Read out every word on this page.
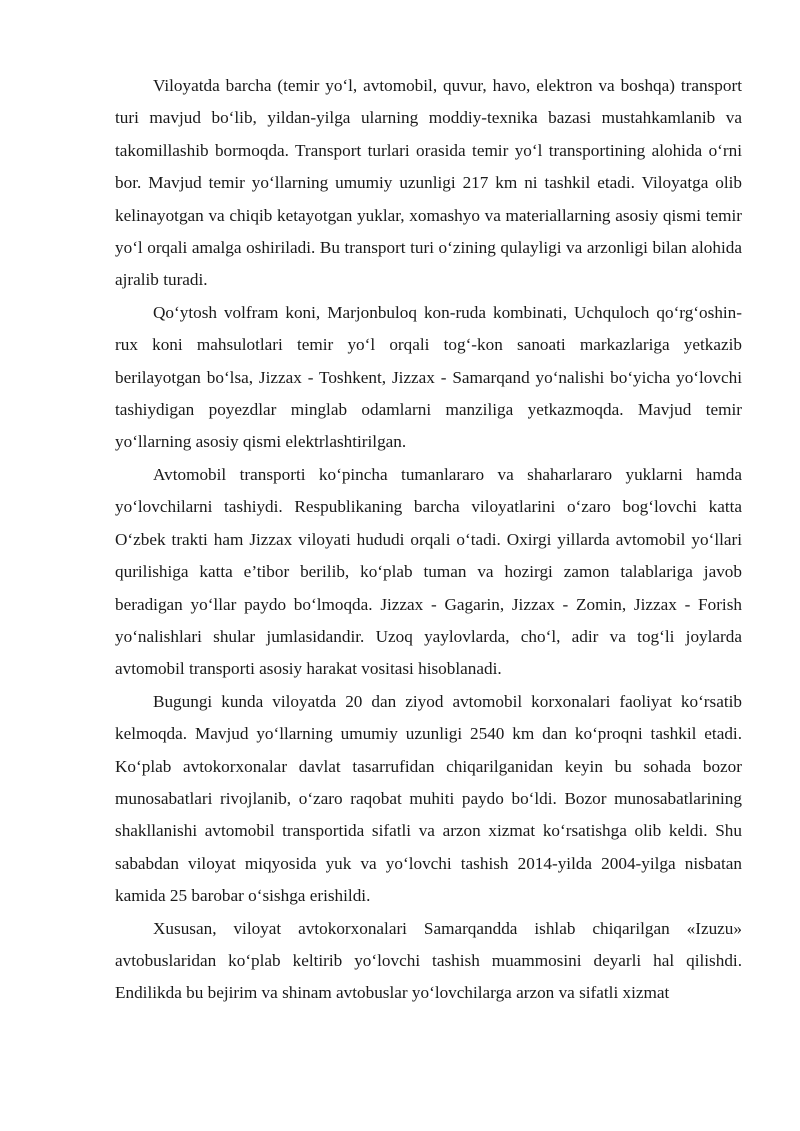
Viloyatda barcha (temir yo‘l, avtomobil, quvur, havo, elektron va boshqa) transport turi mavjud bo‘lib, yildan-yilga ularning moddiy-texnika bazasi mustahkamlanib va takomillashib bormoqda. Transport turlari orasida temir yo‘l transportining alohida o‘rni bor. Mavjud temir yo‘llarning umumiy uzunligi 217 km ni tashkil etadi. Viloyatga olib kelinayotgan va chiqib ketayotgan yuklar, xomashyo va materiallarning asosiy qismi temir yo‘l orqali amalga oshiriladi. Bu transport turi o‘zining qulayligi va arzonligi bilan alohida ajralib turadi.

Qo‘ytosh volfram koni, Marjonbuloq kon-ruda kombinati, Uchquloch qo‘rg‘oshin-rux koni mahsulotlari temir yo‘l orqali tog‘-kon sanoati markazlariga yetkazib berilayotgan bo‘lsa, Jizzax - Toshkent, Jizzax - Samarqand yo‘nalishi bo‘yicha yo‘lovchi tashiydigan poyezdlar minglab odamlarni manziliga yetkazmoqda. Mavjud temir yo‘llarning asosiy qismi elektrlashtirilgan.

Avtomobil transporti ko‘pincha tumanlararo va shaharlararo yuklarni hamda yo‘lovchilarni tashiydi. Respublikaning barcha viloyatlarini o‘zaro bog‘lovchi katta O‘zbek trakti ham Jizzax viloyati hududi orqali o‘tadi. Oxirgi yillarda avtomobil yo‘llari qurilishiga katta e’tibor berilib, ko‘plab tuman va hozirgi zamon talablariga javob beradigan yo‘llar paydo bo‘lmoqda. Jizzax - Gagarin, Jizzax - Zomin, Jizzax - Forish yo‘nalishlari shular jumlasidandir. Uzoq yaylovlarda, cho‘l, adir va tog‘li joylarda avtomobil transporti asosiy harakat vositasi hisoblanadi.

Bugungi kunda viloyatda 20 dan ziyod avtomobil korxonalari faoliyat ko‘rsatib kelmoqda. Mavjud yo‘llarning umumiy uzunligi 2540 km dan ko‘proqni tashkil etadi. Ko‘plab avtokorxonalar davlat tasarrufidan chiqarilganidan keyin bu sohada bozor munosabatlari rivojlanib, o‘zaro raqobat muhiti paydo bo‘ldi. Bozor munosabatlarining shakllanishi avtomobil transportida sifatli va arzon xizmat ko‘rsatishga olib keldi. Shu sababdan viloyat miqyosida yuk va yo‘lovchi tashish 2014-yilda 2004-yilga nisbatan kamida 25 barobar o‘sishga erishildi.

Xususan, viloyat avtokorxonalari Samarqandda ishlab chiqarilgan «Izuzu» avtobuslaridan ko‘plab keltirib yo‘lovchi tashish muammosini deyarli hal qilishdi. Endilikda bu bejirim va shinam avtobuslar yo‘lovchilarga arzon va sifatli xizmat
